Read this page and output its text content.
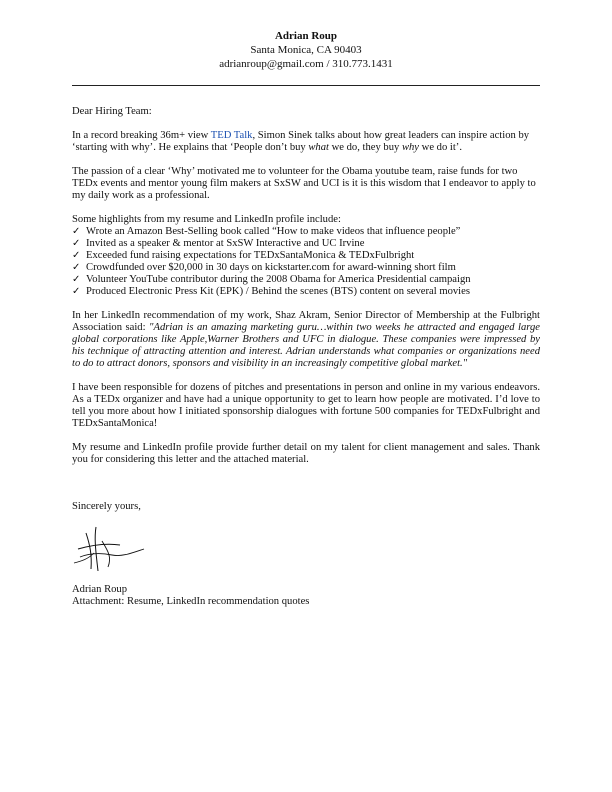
Adrian Roup
Santa Monica, CA 90403
adrianroup@gmail.com / 310.773.1431

Dear Hiring Team:

In a record breaking 36m+ view TED Talk, Simon Sinek talks about how great leaders can inspire action by ‘starting with why’. He explains that ‘People don’t buy what we do, they buy why we do it’.

The passion of a clear ‘Why’ motivated me to volunteer for the Obama youtube team, raise funds for two TEDx events and mentor young film makers at SxSW and UCI is it is this wisdom that I endeavor to apply to my daily work as a professional.

Some highlights from my resume and LinkedIn profile include:

✓ Wrote an Amazon Best-Selling book called “How to make videos that influence people”
✓ Invited as a speaker & mentor at SxSW Interactive and UC Irvine
✓ Exceeded fund raising expectations for TEDxSantaMonica & TEDxFulbright
✓ Crowdfunded over $20,000 in 30 days on kickstarter.com for award-winning short film
✓ Volunteer YouTube contributor during the 2008 Obama for America Presidential campaign
✓ Produced Electronic Press Kit (EPK) / Behind the scenes (BTS) content on several movies

In her LinkedIn recommendation of my work, Shaz Akram, Senior Director of Membership at the Fulbright Association said: "Adrian is an amazing marketing guru…within two weeks he attracted and engaged large global corporations like Apple,Warner Brothers and UFC in dialogue. These companies were impressed by his technique of attracting attention and interest. Adrian understands what companies or organizations need to do to attract donors, sponsors and visibility in an increasingly competitive global market."

I have been responsible for dozens of pitches and presentations in person and online in my various endeavors. As a TEDx organizer and have had a unique opportunity to get to learn how people are motivated. I’d love to tell you more about how I initiated sponsorship dialogues with fortune 500 companies for TEDxFulbright and TEDxSantaMonica!

My resume and LinkedIn profile provide further detail on my talent for client management and sales. Thank you for considering this letter and the attached material.

Sincerely yours,
Adrian Roup
Attachment: Resume, LinkedIn recommendation quotes
